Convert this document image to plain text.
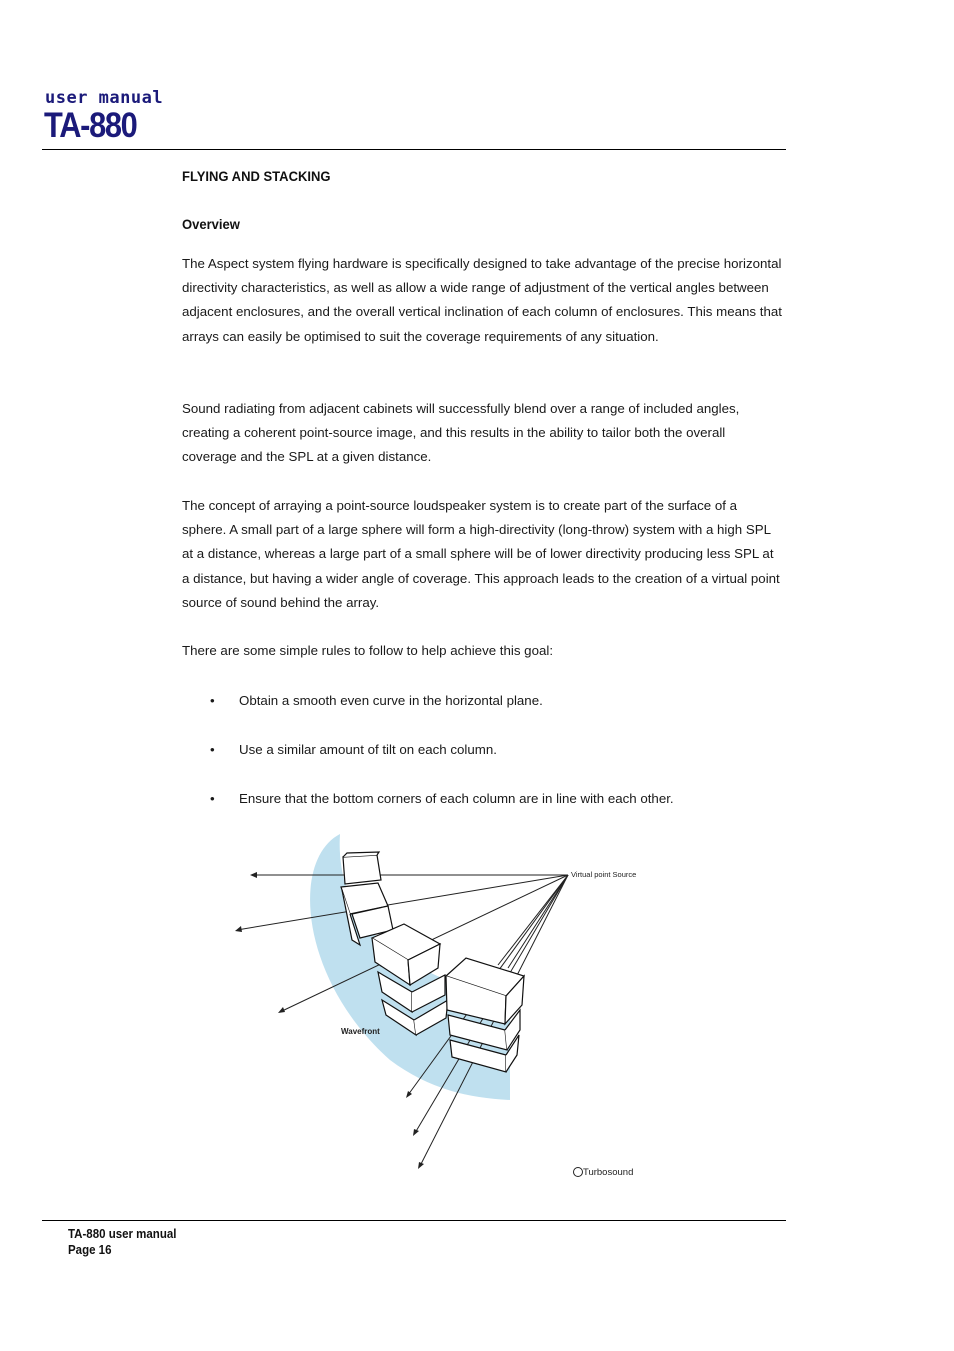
user manual
TA-880
FLYING AND STACKING
Overview

The Aspect system flying hardware is specifically designed to take advantage of the precise horizontal directivity characteristics, as well as allow a wide range of adjustment of the vertical angles between adjacent enclosures, and the overall vertical inclination of each column of enclosures. This means that arrays can easily be optimised to suit the coverage requirements of any situation.

Sound radiating from adjacent cabinets will successfully blend over a range of included angles, creating a coherent point-source image, and this results in the ability to tailor both the overall coverage and the SPL at a given distance.

The concept of arraying a point-source loudspeaker system is to create part of the surface of a sphere. A small part of a large sphere will form a high-directivity (long-throw) system with a high SPL at a distance, whereas a large part of a small sphere will be of lower directivity producing less SPL at a distance, but having a wider angle of coverage. This approach leads to the creation of a virtual point source of sound behind the array.

There are some simple rules to follow to help achieve this goal:

• Obtain a smooth even curve in the horizontal plane.
• Use a similar amount of tilt on each column.
• Ensure that the bottom corners of each column are in line with each other.
Virtual point Source
Wavefront
Turbosound
TA-880 user manual
Page 16
